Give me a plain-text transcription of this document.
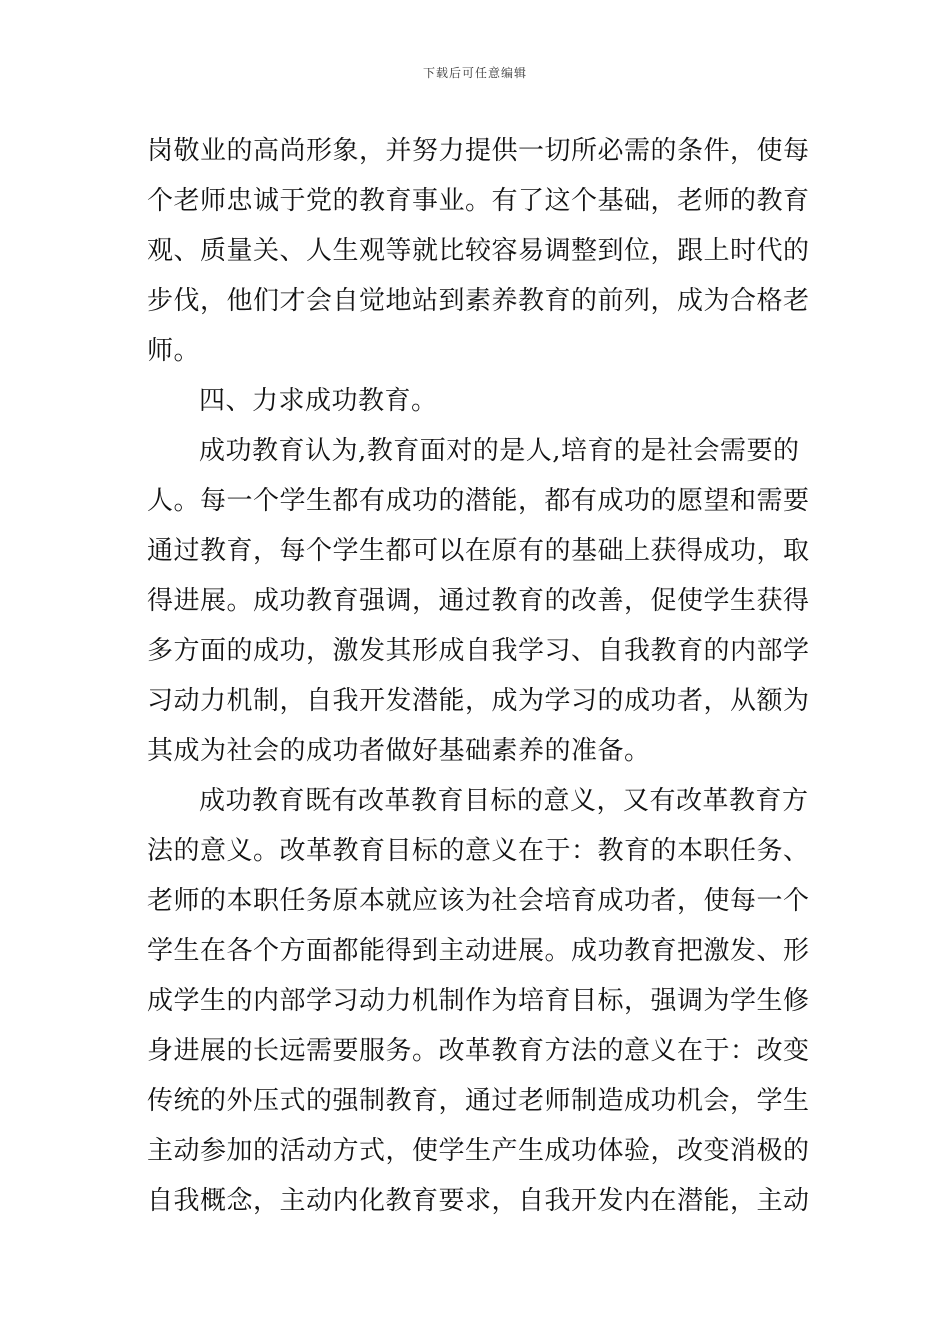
下载后可任意编辑
岗敬业的高尚形象，并努力提供一切所必需的条件，使每
个老师忠诚于党的教育事业。有了这个基础，老师的教育
观、质量关、人生观等就比较容易调整到位，跟上时代的
步伐，他们才会自觉地站到素养教育的前列，成为合格老
师。
四、力求成功教育。
成功教育认为,教育面对的是人,培育的是社会需要的
人。每一个学生都有成功的潜能，都有成功的愿望和需要
通过教育，每个学生都可以在原有的基础上获得成功，取
得进展。成功教育强调，通过教育的改善，促使学生获得
多方面的成功，激发其形成自我学习、自我教育的内部学
习动力机制，自我开发潜能，成为学习的成功者，从额为
其成为社会的成功者做好基础素养的准备。
成功教育既有改革教育目标的意义，又有改革教育方
法的意义。改革教育目标的意义在于：教育的本职任务、
老师的本职任务原本就应该为社会培育成功者，使每一个
学生在各个方面都能得到主动进展。成功教育把激发、形
成学生的内部学习动力机制作为培育目标，强调为学生修
身进展的长远需要服务。改革教育方法的意义在于：改变
传统的外压式的强制教育，通过老师制造成功机会，学生
主动参加的活动方式，使学生产生成功体验，改变消极的
自我概念，主动内化教育要求，自我开发内在潜能，主动
